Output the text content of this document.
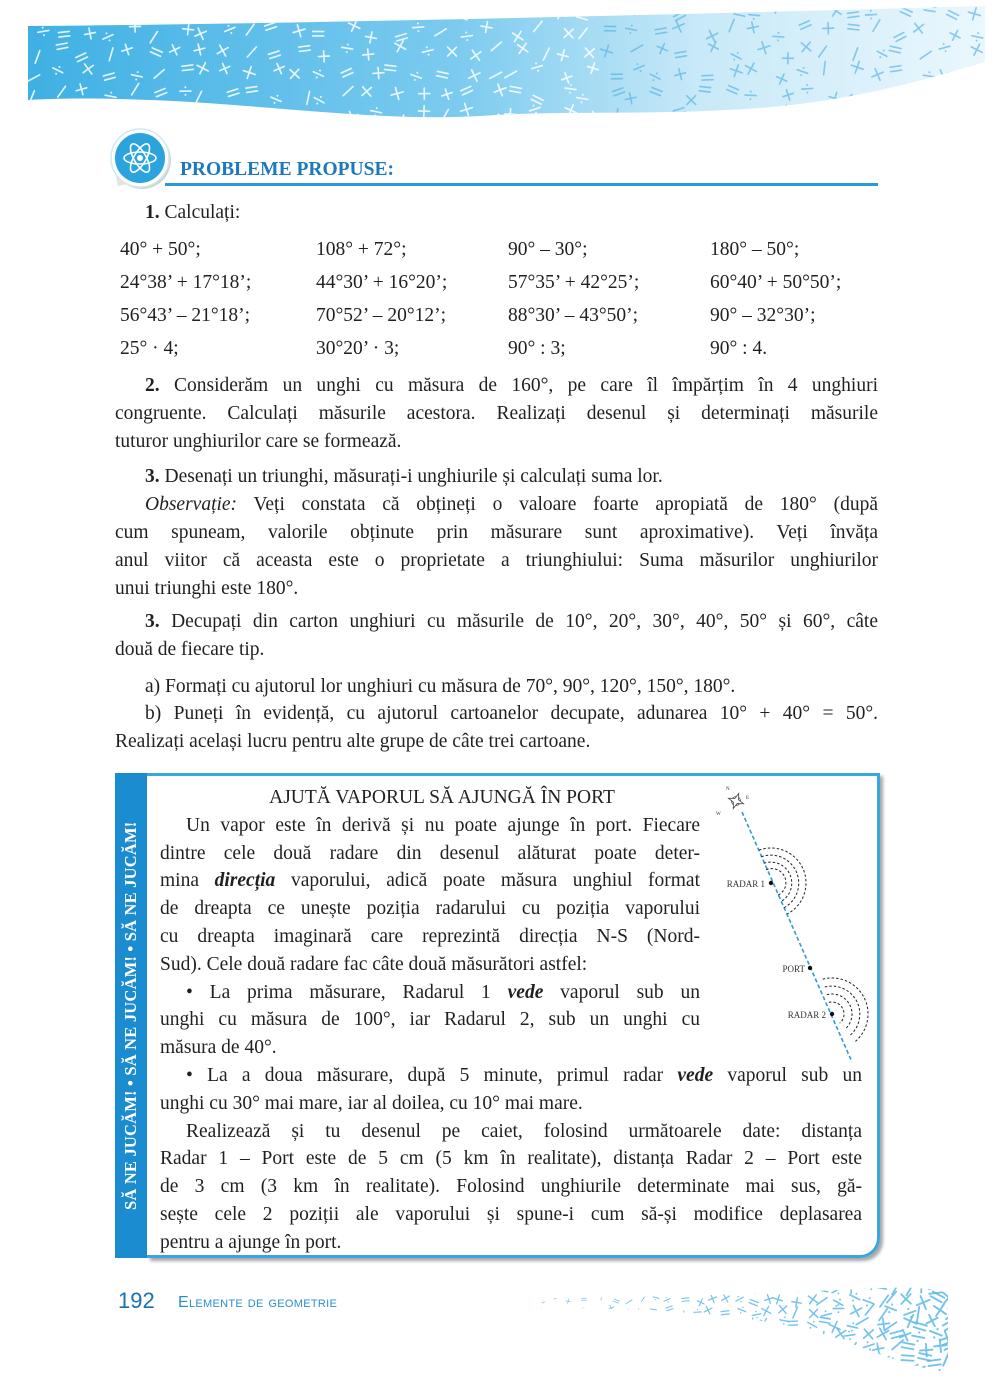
PROBLEME PROPUSE:
1. Calculați:
40° + 50°;	108° + 72°;	90° – 30°;	180° – 50°;
24°38’ + 17°18’;	44°30’ + 16°20’;	57°35’ + 42°25’;	60°40’ + 50°50’;
56°43’ – 21°18’;	70°52’ – 20°12’;	88°30’ – 43°50’;	90° – 32°30’;
25° · 4;	30°20’ · 3;	90° : 3;	90° : 4.
2. Considerăm un unghi cu măsura de 160°, pe care îl împărțim în 4 unghiuri
congruente. Calculați măsurile acestora. Realizați desenul și determinați măsurile
tuturor unghiurilor care se formează.
3. Desenați un triunghi, măsurați-i unghiurile și calculați suma lor.
Observație: Veți constata că obțineți o valoare foarte apropiată de 180° (după
cum spuneam, valorile obținute prin măsurare sunt aproximative). Veți învăța
anul viitor că aceasta este o proprietate a triunghiului: Suma măsurilor unghiurilor
unui triunghi este 180°.
3. Decupați din carton unghiuri cu măsurile de 10°, 20°, 30°, 40°, 50° și 60°, câte
două de fiecare tip.
a) Formați cu ajutorul lor unghiuri cu măsura de 70°, 90°, 120°, 150°, 180°.
b) Puneți în evidență, cu ajutorul cartoanelor decupate, adunarea 10° + 40° = 50°.
Realizați același lucru pentru alte grupe de câte trei cartoane.
SĂ NE JUCĂM! • SĂ NE JUCĂM! • SĂ NE JUCĂM!
AJUTĂ VAPORUL SĂ AJUNGĂ ÎN PORT
Un vapor este în derivă și nu poate ajunge în port. Fiecare
dintre cele două radare din desenul alăturat poate deter-
mina direcția vaporului, adică poate măsura unghiul format
de dreapta ce unește poziția radarului cu poziția vaporului
cu dreapta imaginară care reprezintă direcția N-S (Nord-
Sud). Cele două radare fac câte două măsurători astfel:
• La prima măsurare, Radarul 1 vede vaporul sub un
unghi cu măsura de 100°, iar Radarul 2, sub un unghi cu
măsura de 40°.
• La a doua măsurare, după 5 minute, primul radar vede vaporul sub un
unghi cu 30° mai mare, iar al doilea, cu 10° mai mare.
Realizează și tu desenul pe caiet, folosind următoarele date: distanța
Radar 1 – Port este de 5 cm (5 km în realitate), distanța Radar 2 – Port este
de 3 cm (3 km în realitate). Folosind unghiurile determinate mai sus, gă-
sește cele 2 poziții ale vaporului și spune-i cum să-și modifice deplasarea
pentru a ajunge în port.
N
E
W
RADAR 1
PORT
RADAR 2
192 Elemente de geometrie
